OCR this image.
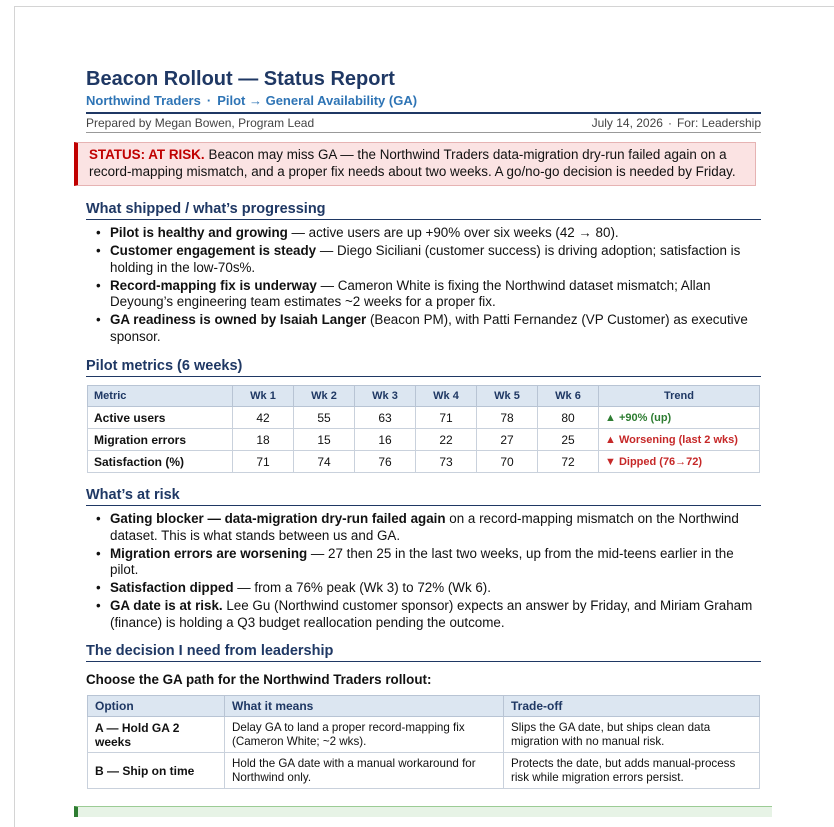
Beacon Rollout — Status Report
Northwind Traders · Pilot → General Availability (GA)
Prepared by Megan Bowen, Program Lead	July 14, 2026 · For: Leadership
STATUS: AT RISK. Beacon may miss GA — the Northwind Traders data-migration dry-run failed again on a record-mapping mismatch, and a proper fix needs about two weeks. A go/no-go decision is needed by Friday.
What shipped / what’s progressing
• Pilot is healthy and growing — active users are up +90% over six weeks (42 → 80).
• Customer engagement is steady — Diego Siciliani (customer success) is driving adoption; satisfaction is holding in the low-70s%.
• Record-mapping fix is underway — Cameron White is fixing the Northwind dataset mismatch; Allan Deyoung’s engineering team estimates ~2 weeks for a proper fix.
• GA readiness is owned by Isaiah Langer (Beacon PM), with Patti Fernandez (VP Customer) as executive sponsor.
Pilot metrics (6 weeks)
Metric	Wk 1	Wk 2	Wk 3	Wk 4	Wk 5	Wk 6	Trend
Active users	42	55	63	71	78	80	▲ +90% (up)
Migration errors	18	15	16	22	27	25	▲ Worsening (last 2 wks)
Satisfaction (%)	71	74	76	73	70	72	▼ Dipped (76→72)
What’s at risk
• Gating blocker — data-migration dry-run failed again on a record-mapping mismatch on the Northwind dataset. This is what stands between us and GA.
• Migration errors are worsening — 27 then 25 in the last two weeks, up from the mid-teens earlier in the pilot.
• Satisfaction dipped — from a 76% peak (Wk 3) to 72% (Wk 6).
• GA date is at risk. Lee Gu (Northwind customer sponsor) expects an answer by Friday, and Miriam Graham (finance) is holding a Q3 budget reallocation pending the outcome.
The decision I need from leadership
Choose the GA path for the Northwind Traders rollout:
Option	What it means	Trade-off
A — Hold GA 2 weeks	Delay GA to land a proper record-mapping fix (Cameron White; ~2 wks).	Slips the GA date, but ships clean data migration with no manual risk.
B — Ship on time	Hold the GA date with a manual workaround for Northwind only.	Protects the date, but adds manual-process risk while migration errors persist.
